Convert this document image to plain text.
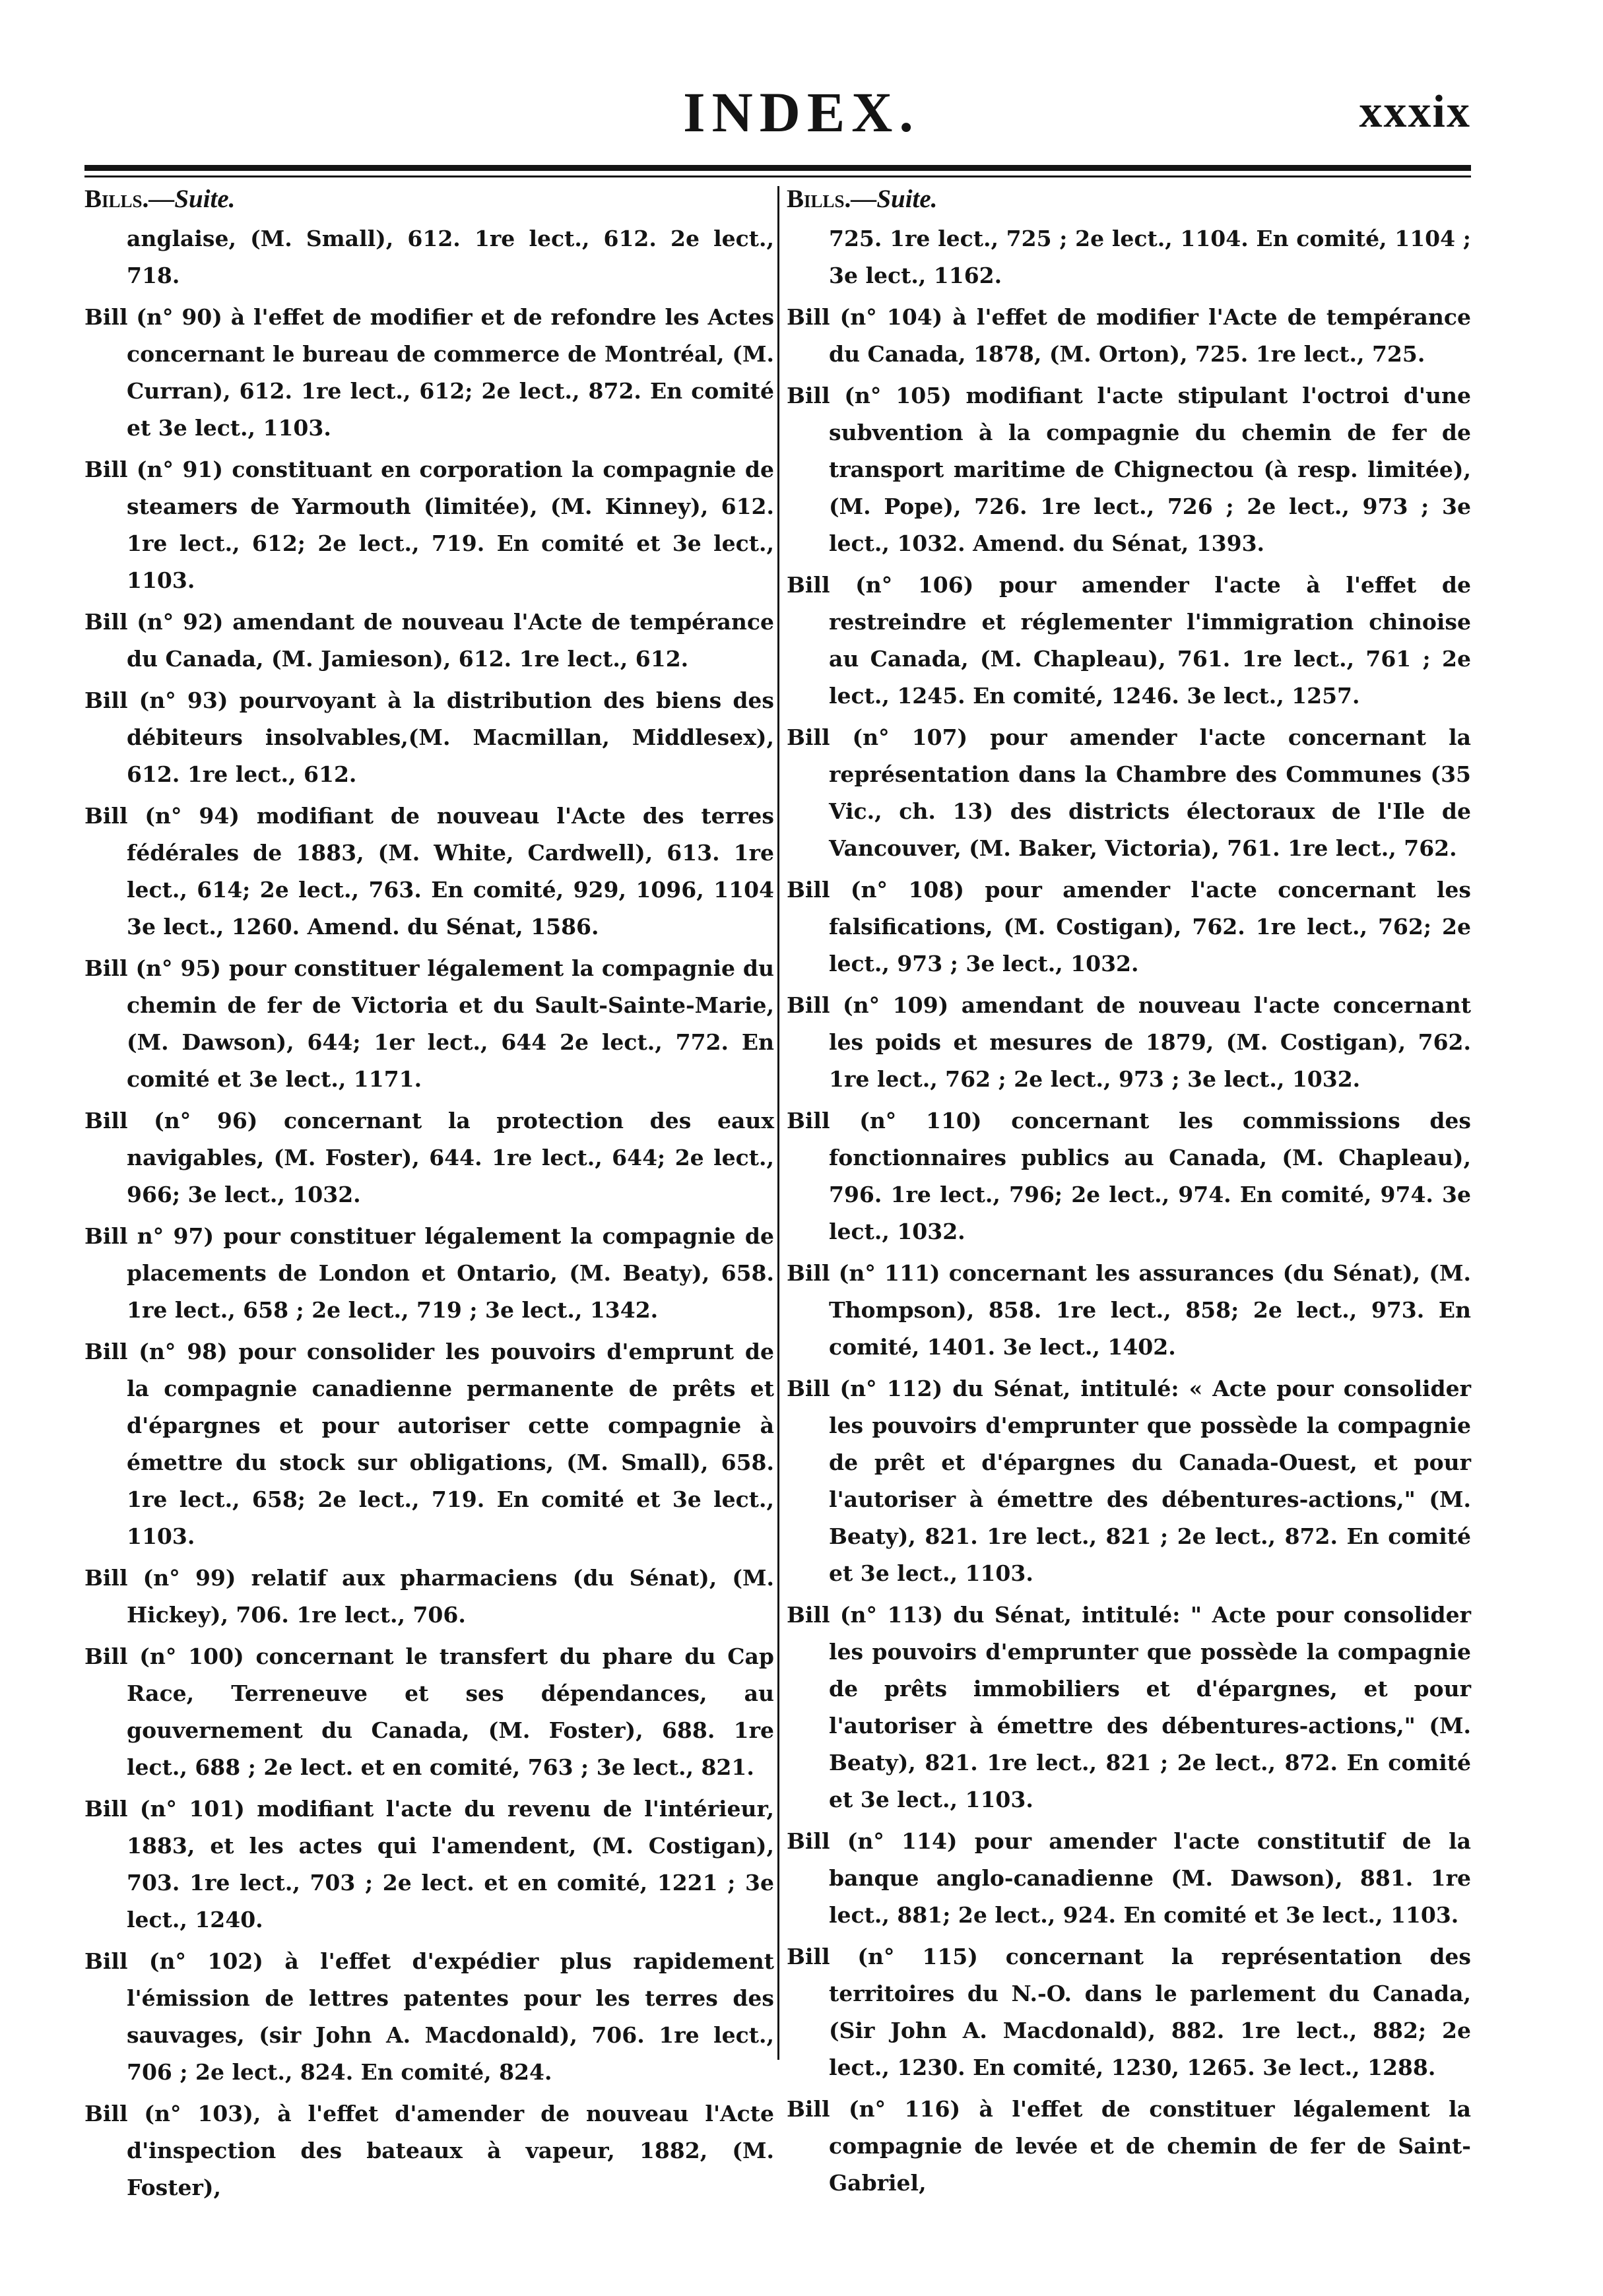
INDEX.	xxxix
Bills.—Suite.

anglaise, (M. Small), 612. 1re lect., 612. 2e lect., 718.

Bill (n° 90) à l'effet de modifier et de refondre les Actes concernant le bureau de commerce de Montréal, (M. Curran), 612. 1re lect., 612; 2e lect., 872. En comité et 3e lect., 1103.

Bill (n° 91) constituant en corporation la compagnie de steamers de Yarmouth (limitée), (M. Kinney), 612. 1re lect., 612; 2e lect., 719. En comité et 3e lect., 1103.

Bill (n° 92) amendant de nouveau l'Acte de tempérance du Canada, (M. Jamieson), 612. 1re lect., 612.

Bill (n° 93) pourvoyant à la distribution des biens des débiteurs insolvables,(M. Macmillan, Middlesex), 612. 1re lect., 612.

Bill (n° 94) modifiant de nouveau l'Acte des terres fédérales de 1883, (M. White, Cardwell), 613. 1re lect., 614; 2e lect., 763. En comité, 929, 1096, 1104 3e lect., 1260. Amend. du Sénat, 1586.

Bill (n° 95) pour constituer légalement la compagnie du chemin de fer de Victoria et du Sault-Sainte-Marie, (M. Dawson), 644; 1er lect., 644 2e lect., 772. En comité et 3e lect., 1171.

Bill (n° 96) concernant la protection des eaux navigables, (M. Foster), 644. 1re lect., 644; 2e lect., 966; 3e lect., 1032.

Bill n° 97) pour constituer légalement la compagnie de placements de London et Ontario, (M. Beaty), 658. 1re lect., 658 ; 2e lect., 719 ; 3e lect., 1342.

Bill (n° 98) pour consolider les pouvoirs d'emprunt de la compagnie canadienne permanente de prêts et d'épargnes et pour autoriser cette compagnie à émettre du stock sur obligations, (M. Small), 658. 1re lect., 658; 2e lect., 719. En comité et 3e lect., 1103.

Bill (n° 99) relatif aux pharmaciens (du Sénat), (M. Hickey), 706. 1re lect., 706.

Bill (n° 100) concernant le transfert du phare du Cap Race, Terreneuve et ses dépendances, au gouvernement du Canada, (M. Foster), 688. 1re lect., 688 ; 2e lect. et en comité, 763 ; 3e lect., 821.

Bill (n° 101) modifiant l'acte du revenu de l'intérieur, 1883, et les actes qui l'amendent, (M. Costigan), 703. 1re lect., 703 ; 2e lect. et en comité, 1221 ; 3e lect., 1240.

Bill (n° 102) à l'effet d'expédier plus rapidement l'émission de lettres patentes pour les terres des sauvages, (sir John A. Macdonald), 706. 1re lect., 706 ; 2e lect., 824. En comité, 824.

Bill (n° 103), à l'effet d'amender de nouveau l'Acte d'inspection des bateaux à vapeur, 1882, (M. Foster),

Bills.—Suite.

725. 1re lect., 725 ; 2e lect., 1104. En comité, 1104 ; 3e lect., 1162.

Bill (n° 104) à l'effet de modifier l'Acte de tempérance du Canada, 1878, (M. Orton), 725. 1re lect., 725.

Bill (n° 105) modifiant l'acte stipulant l'octroi d'une subvention à la compagnie du chemin de fer de transport maritime de Chignectou (à resp. limitée), (M. Pope), 726. 1re lect., 726 ; 2e lect., 973 ; 3e lect., 1032. Amend. du Sénat, 1393.

Bill (n° 106) pour amender l'acte à l'effet de restreindre et réglementer l'immigration chinoise au Canada, (M. Chapleau), 761. 1re lect., 761 ; 2e lect., 1245. En comité, 1246. 3e lect., 1257.

Bill (n° 107) pour amender l'acte concernant la représentation dans la Chambre des Communes (35 Vic., ch. 13) des districts électoraux de l'Ile de Vancouver, (M. Baker, Victoria), 761. 1re lect., 762.

Bill (n° 108) pour amender l'acte concernant les falsifications, (M. Costigan), 762. 1re lect., 762; 2e lect., 973 ; 3e lect., 1032.

Bill (n° 109) amendant de nouveau l'acte concernant les poids et mesures de 1879, (M. Costigan), 762. 1re lect., 762 ; 2e lect., 973 ; 3e lect., 1032.

Bill (n° 110) concernant les commissions des fonctionnaires publics au Canada, (M. Chapleau), 796. 1re lect., 796; 2e lect., 974. En comité, 974. 3e lect., 1032.

Bill (n° 111) concernant les assurances (du Sénat), (M. Thompson), 858. 1re lect., 858; 2e lect., 973. En comité, 1401. 3e lect., 1402.

Bill (n° 112) du Sénat, intitulé: « Acte pour consolider les pouvoirs d'emprunter que possède la compagnie de prêt et d'épargnes du Canada-Ouest, et pour l'autoriser à émettre des débentures-actions," (M. Beaty), 821. 1re lect., 821 ; 2e lect., 872. En comité et 3e lect., 1103.

Bill (n° 113) du Sénat, intitulé: " Acte pour consolider les pouvoirs d'emprunter que possède la compagnie de prêts immobiliers et d'épargnes, et pour l'autoriser à émettre des débentures-actions," (M. Beaty), 821. 1re lect., 821 ; 2e lect., 872. En comité et 3e lect., 1103.

Bill (n° 114) pour amender l'acte constitutif de la banque anglo-canadienne (M. Dawson), 881. 1re lect., 881; 2e lect., 924. En comité et 3e lect., 1103.

Bill (n° 115) concernant la représentation des territoires du N.-O. dans le parlement du Canada, (Sir John A. Macdonald), 882. 1re lect., 882; 2e lect., 1230. En comité, 1230, 1265. 3e lect., 1288.

Bill (n° 116) à l'effet de constituer légalement la compagnie de levée et de chemin de fer de Saint-Gabriel,
